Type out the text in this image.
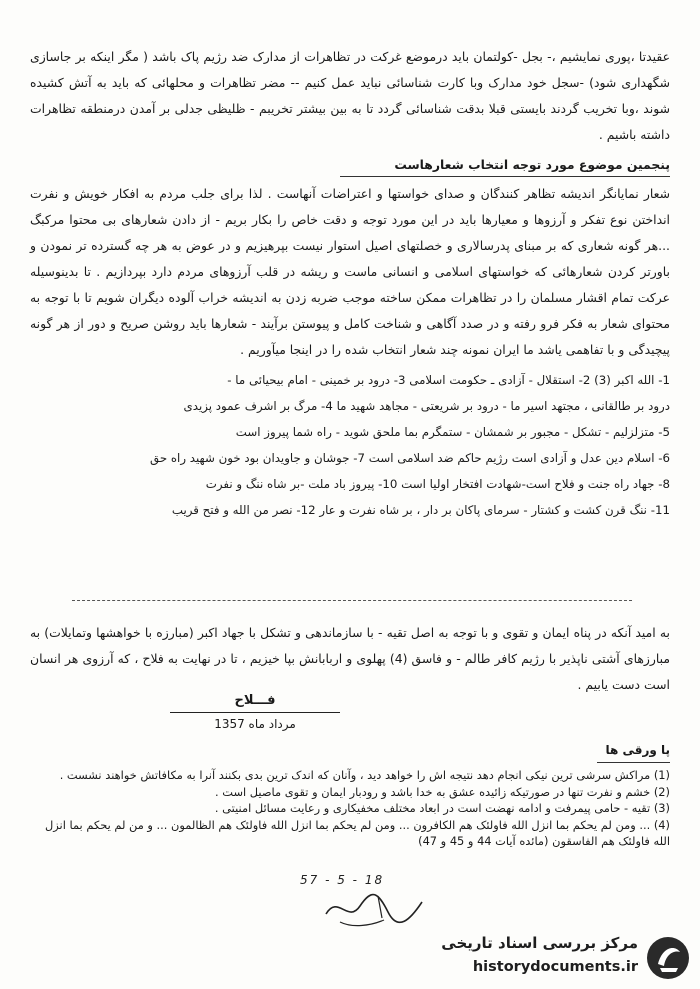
عقیدتا ،پوری نمایشیم ،- بجل -کولتمان باید درموضع غرکت در تظاهرات از مدارک ضد رژیم پاک باشد ( مگر اینکه بر جاسازی شگهداری شود) -سجل خود مدارک وبا کارت شناسائی نباید عمل کنیم -- مضر تظاهرات و محلهائی که باید به آتش کشیده شوند ،وبا تخریب گردند بایستی قبلا بدقت شناسائی گردد تا به بین بیشتر تخریبم - ظلیظی جدلی بر آمدن درمنطقه تظاهرات داشته باشیم .

پنجمین موضوع مورد توجه انتخاب شعارهاست

شعار نمایانگر اندیشه تظاهر کنندگان و صدای خواستها و اعتراضات آنهاست . لذا برای جلب مردم به افکار خویش و نفرت انداختن نوع تفکر و آرزوها و معیارها باید در این مورد توجه و دقت خاص را بکار بریم - از دادن شعارهای بی محتوا مرکبگ ...هر گونه شعاری که بر مبنای پدرسالاری و خصلتهای اصیل استوار نیست بپرهیزیم و در عوض به هر چه گسترده تر نمودن و باورتر کردن شعارهائی که خواستهای اسلامی و انسانی ماست و ریشه در قلب آرزوهای مردم دارد بپردازیم . تا بدینوسیله عرکت تمام اقشار مسلمان را در تظاهرات ممکن ساخته موجب ضربه زدن به اندیشه خراب آلوده دیگران شویم تا با توجه به محتوای شعار به فکر فرو رفته و در صدد آگاهی و شناخت کامل و پیوستن برآیند - شعارها باید روشن صریح و دور از هر گونه پیچیدگی و با تفاهمی یاشد ما ایران نمونه چند شعار انتخاب شده را در اینجا میآوریم .

1- الله اکبر (3) 2- استقلال - آزادی ـ حکومت اسلامی 3- درود بر خمینی - امام بیحیائی ما -
درود بر طالقانی ، مجتهد اسیر ما - درود بر شریعتی - مجاهد شهید ما 4- مرگ بر اشرف عمود پزیدی
5- متزلزلیم - تشکل - مجبور بر شمشان - ستمگرم بما ملحق شوید - راه شما پیروز است
6- اسلام دین عدل و آزادی است رژیم حاکم ضد اسلامی است 7- جوشان و جاویدان بود خون شهید راه حق
8- جهاد راه جنت و فلاح است-شهادت افتخار اولیا است 10- پیروز باد ملت -بر شاه ننگ و نفرت
11- ننگ قرن کشت و کشتار - سرمای پاکان بر دار ، بر شاه نفرت و عار 12- نصر من الله و فتح قریب

به امید آنکه در پناه ایمان و تقوی و با توجه به اصل تقیه - با سازماندهی و تشکل با جهاد اکبر (مبارزه با خواهشها وتمایلات) به مبارزهای آشتی ناپذیر با رژیم کافر طالم - و فاسق (4) پهلوی و اربابانش بپا خیزیم ، تا در نهایت به فلاح ، که آرزوی هر انسان است دست یابیم .

فـــلاح
مرداد ماه 1357
پا ورقی ها

(1) مراکش سرشی ترین نیکی انجام دهد نتیجه اش را خواهد دید ، وآنان که اندک ترین بدی بکنند آنرا به مکافاتش خواهند نشست .

(2) خشم و نفرت تنها در صورتیکه زائیده عشق به خدا باشد و رودبار ایمان و تقوی ماصیل است .

(3) تقیه - حامی پیمرفت و ادامه نهضت است در ابعاد مختلف مخفیکاری و رعایت مسائل امنیتی .

(4) ... ومن لم یحکم بما انزل الله فاولئک هم الکافرون ... ومن لم یحکم بما انزل الله فاولئک هم الظالمون ... و من لم یحکم بما انزل الله فاولئک هم الفاسقون (مائده آیات 44 و 45 و 47)

57 - 5 - 18
مرکز بررسی اسناد تاریخی
historydocuments.ir
